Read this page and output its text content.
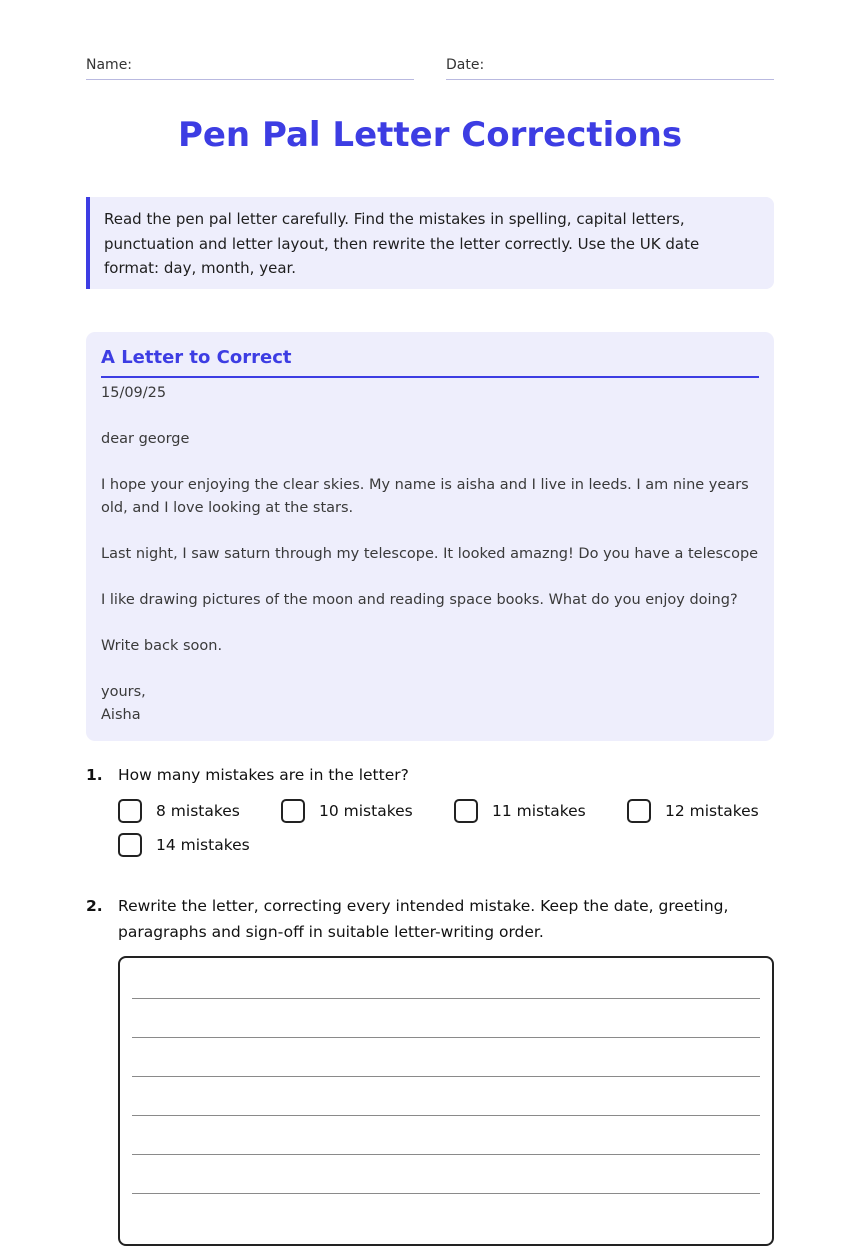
Name:	Date:
Pen Pal Letter Corrections
Read the pen pal letter carefully. Find the mistakes in spelling, capital letters, punctuation and letter layout, then rewrite the letter correctly. Use the UK date format: day, month, year.
A Letter to Correct

15/09/25

dear george

I hope your enjoying the clear skies. My name is aisha and I live in leeds. I am nine years old, and I love looking at the stars.

Last night, I saw saturn through my telescope. It looked amazng! Do you have a telescope

I like drawing pictures of the moon and reading space books. What do you enjoy doing?

Write back soon.

yours,

Aisha

1. How many mistakes are in the letter?
8 mistakes	10 mistakes	11 mistakes	12 mistakes
14 mistakes
2. Rewrite the letter, correcting every intended mistake. Keep the date, greeting, paragraphs and sign-off in suitable letter-writing order.
